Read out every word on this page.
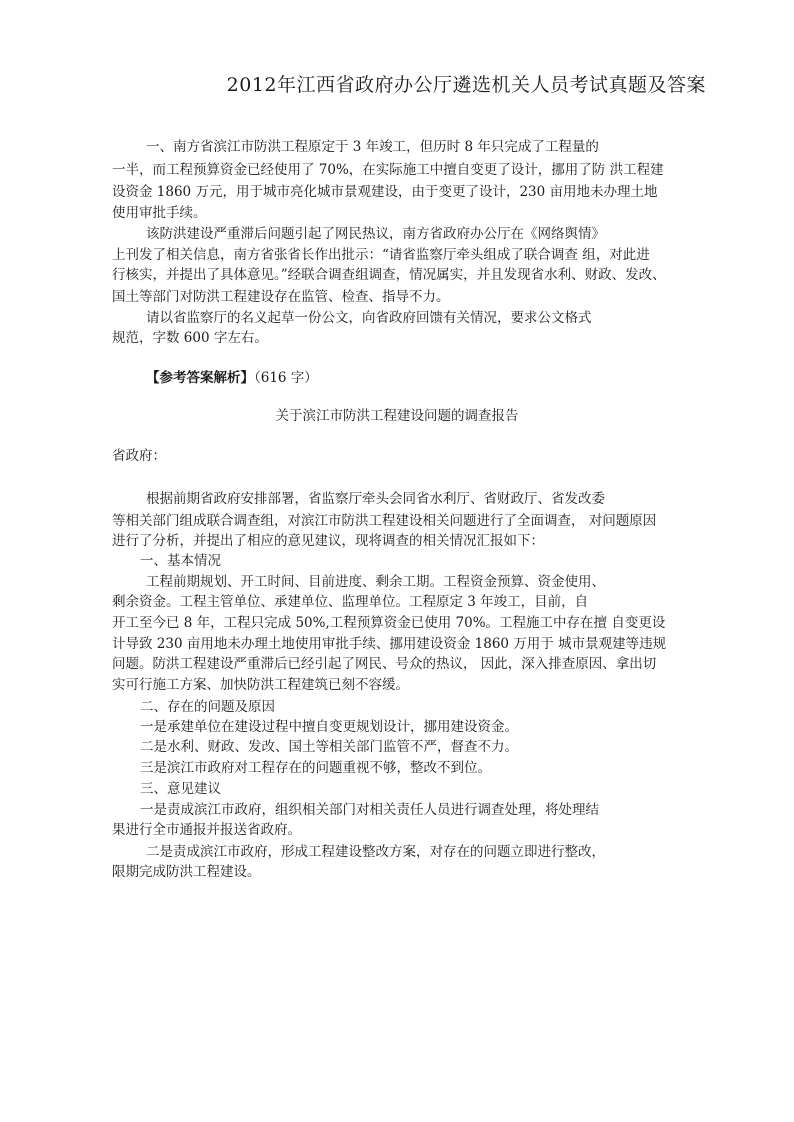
2012年江西省政府办公厅遴选机关人员考试真题及答案
一、南方省滨江市防洪工程原定于 3 年竣工，但历时 8 年只完成了工程量的
一半，而工程预算资金已经使用了 70%，在实际施工中擅自变更了设计，挪用了防 洪工程建
设资金 1860 万元，用于城市亮化城市景观建设，由于变更了设计，230 亩用地未办理土地
使用审批手续。
该防洪建设严重滞后问题引起了网民热议，南方省政府办公厅在《网络舆情》
上刊发了相关信息，南方省张省长作出批示：“请省监察厅牵头组成了联合调查 组，对此进
行核实，并提出了具体意见。”经联合调查组调查，情况属实，并且发现省水利、财政、发改、
国土等部门对防洪工程建设存在监管、检查、指导不力。
请以省监察厅的名义起草一份公文，向省政府回馈有关情况，要求公文格式
规范，字数 600 字左右。
【参考答案解析】（616 字）
关于滨江市防洪工程建设问题的调查报告
省政府：
根据前期省政府安排部署，省监察厅牵头会同省水利厅、省财政厅、省发改委
等相关部门组成联合调查组，对滨江市防洪工程建设相关问题进行了全面调查， 对问题原因
进行了分析，并提出了相应的意见建议，现将调查的相关情况汇报如下：
一、基本情况
工程前期规划、开工时间、目前进度、剩余工期。工程资金预算、资金使用、
剩余资金。工程主管单位、承建单位、监理单位。工程原定 3 年竣工，目前，自
开工至今已 8 年，工程只完成 50%,工程预算资金已使用 70%。工程施工中存在擅 自变更设
计导致 230 亩用地未办理土地使用审批手续、挪用建设资金 1860 万用于 城市景观建等违规
问题。防洪工程建设严重滞后已经引起了网民、号众的热议， 因此，深入排查原因、拿出切
实可行施工方案、加快防洪工程建筑已刻不容缓。
二、存在的问题及原因
一是承建单位在建设过程中擅自变更规划设计，挪用建设资金。
二是水利、财政、发改、国土等相关部门监管不严，督查不力。
三是滨江市政府对工程存在的问题重视不够，整改不到位。
三、意见建议
一是责成滨江市政府，组织相关部门对相关责任人员进行调查处理，将处理结
果进行全市通报并报送省政府。
二是责成滨江市政府，形成工程建设整改方案，对存在的问题立即进行整改，
限期完成防洪工程建设。
